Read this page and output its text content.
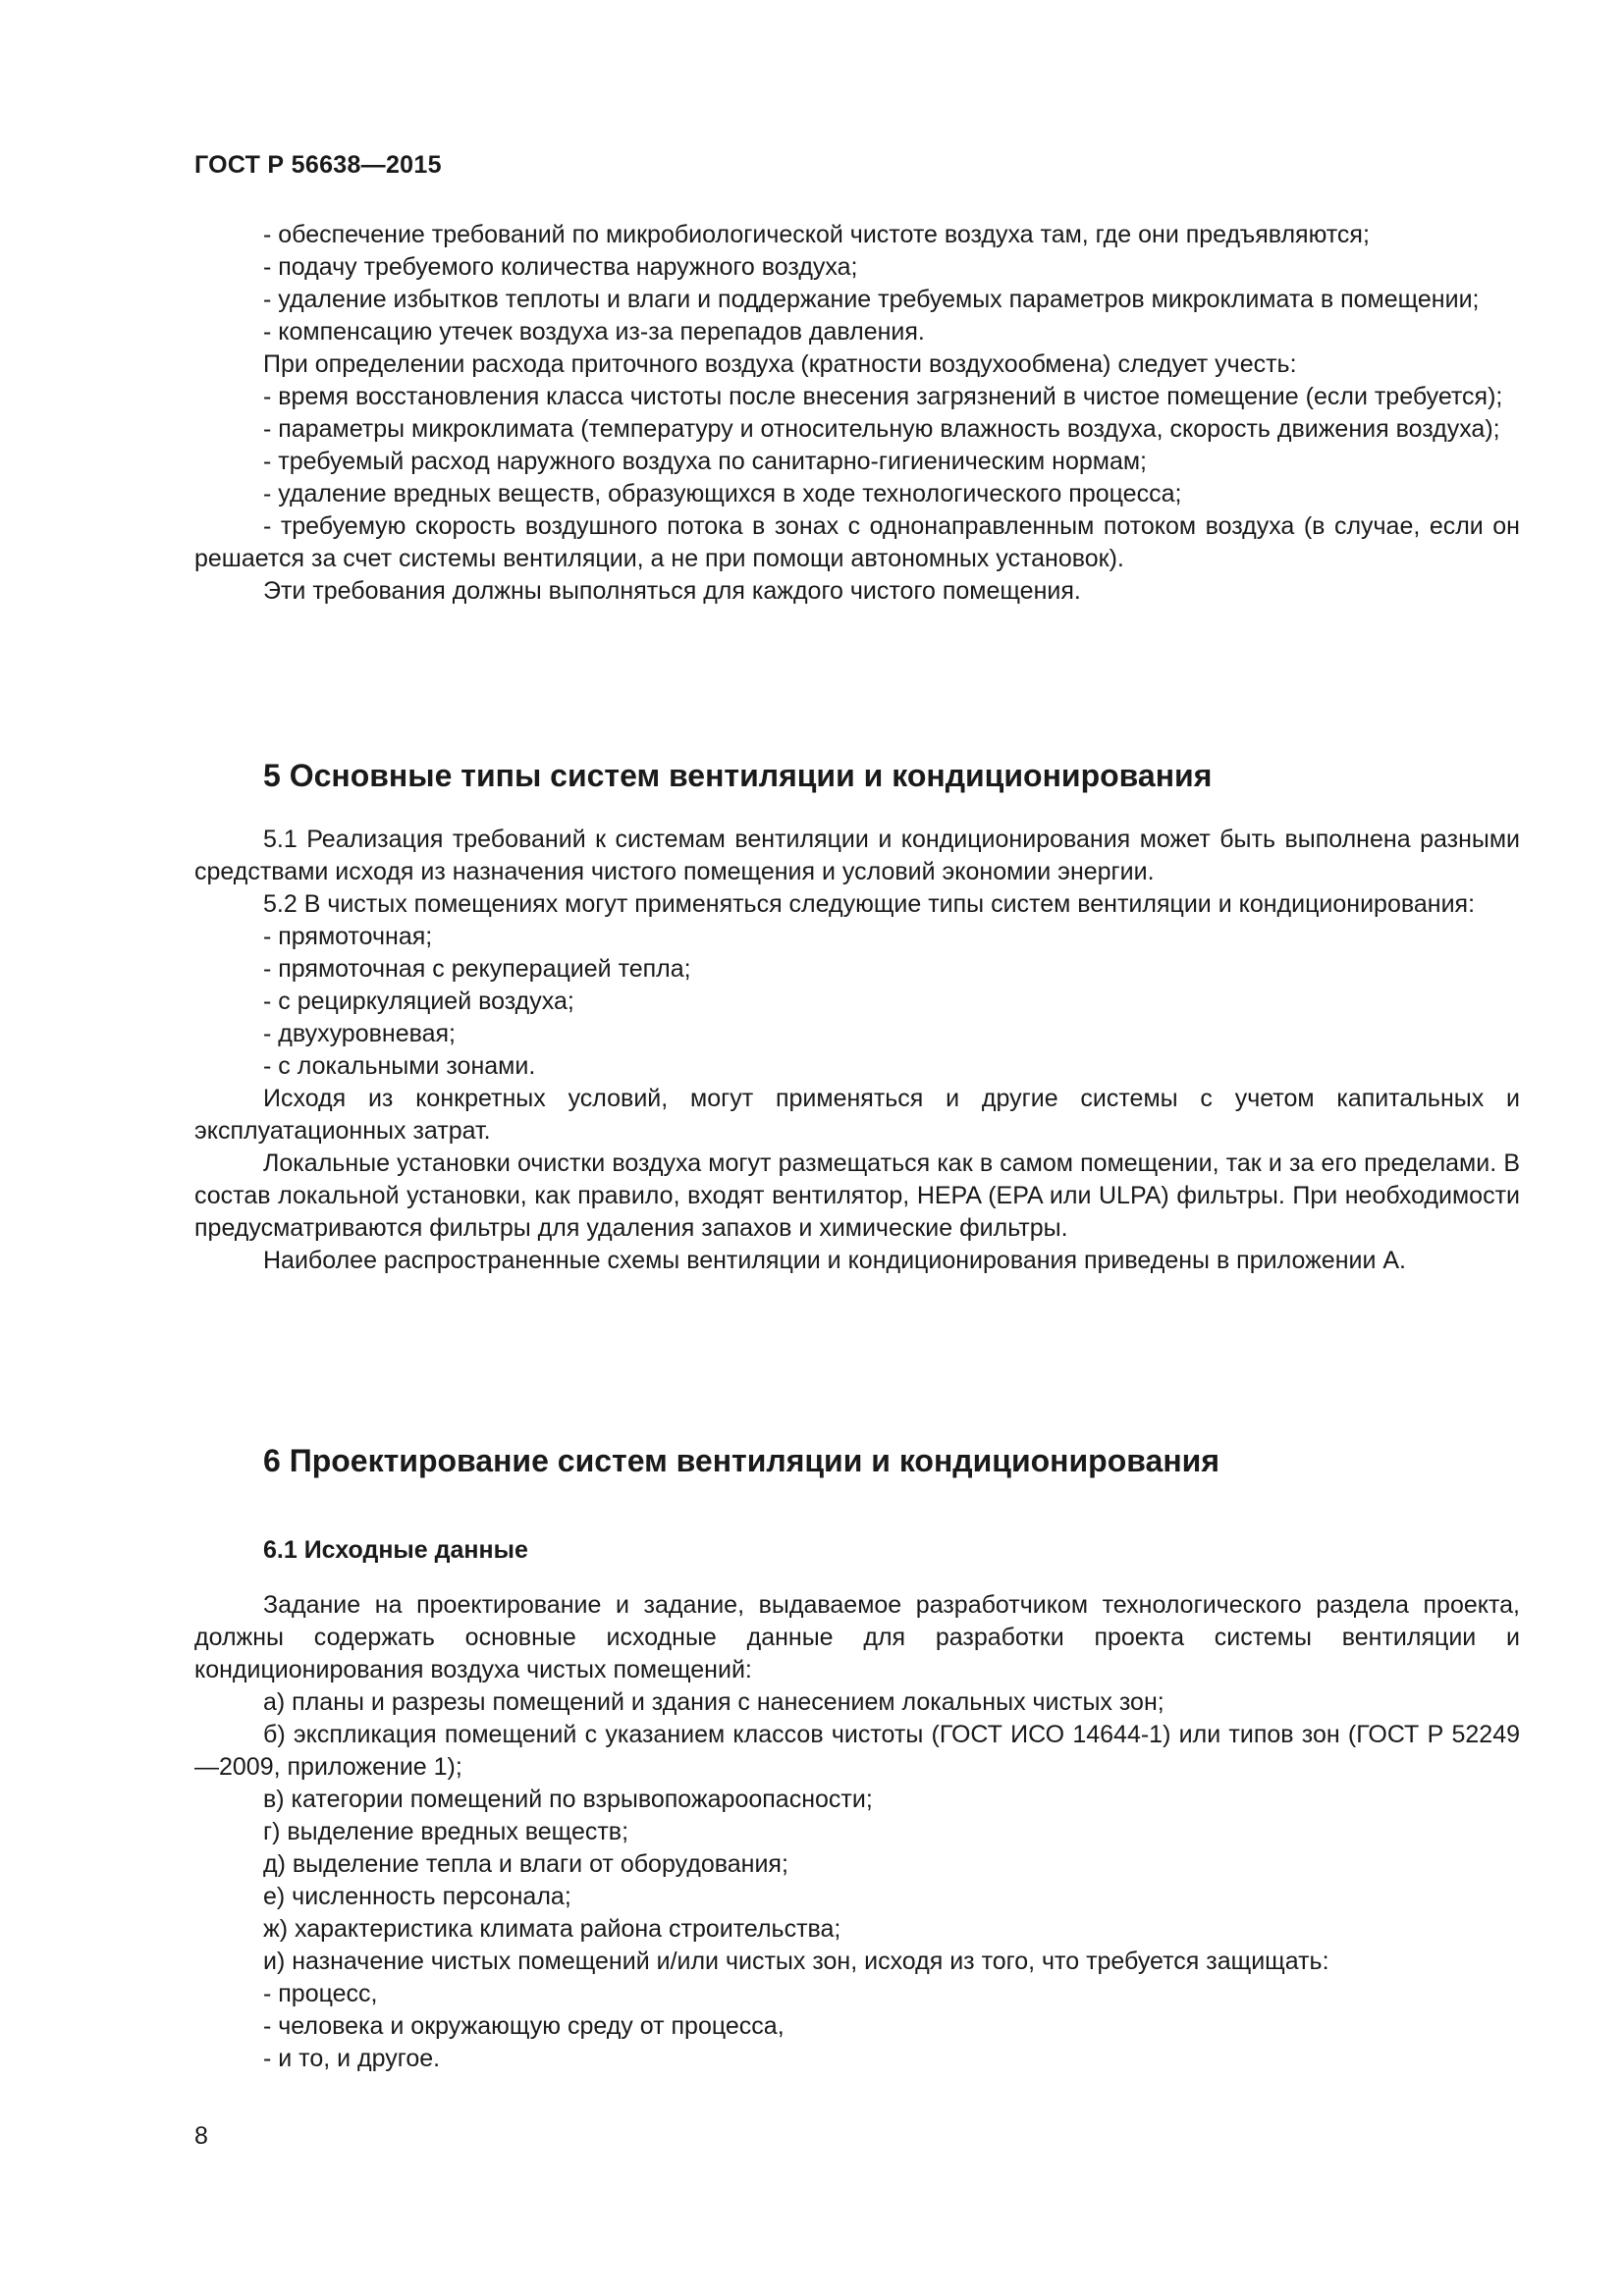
ГОСТ Р 56638—2015

- обеспечение требований по микробиологической чистоте воздуха там, где они предъявляются;

- подачу требуемого количества наружного воздуха;

- удаление избытков теплоты и влаги и поддержание требуемых параметров микроклимата в помещении;

- компенсацию утечек воздуха из-за перепадов давления.

При определении расхода приточного воздуха (кратности воздухообмена) следует учесть:

- время восстановления класса чистоты после внесения загрязнений в чистое помещение (если требуется);

- параметры микроклимата (температуру и относительную влажность воздуха, скорость движения воздуха);

- требуемый расход наружного воздуха по санитарно-гигиеническим нормам;

- удаление вредных веществ, образующихся в ходе технологического процесса;

- требуемую скорость воздушного потока в зонах с однонаправленным потоком воздуха (в случае, если он решается за счет системы вентиляции, а не при помощи автономных установок).

Эти требования должны выполняться для каждого чистого помещения.

5 Основные типы систем вентиляции и кондиционирования

5.1 Реализация требований к системам вентиляции и кондиционирования может быть выполнена разными средствами исходя из назначения чистого помещения и условий экономии энергии.

5.2 В чистых помещениях могут применяться следующие типы систем вентиляции и кондиционирования:

- прямоточная;

- прямоточная с рекуперацией тепла;

- с рециркуляцией воздуха;

- двухуровневая;

- с локальными зонами.

Исходя из конкретных условий, могут применяться и другие системы с учетом капитальных и эксплуатационных затрат.

Локальные установки очистки воздуха могут размещаться как в самом помещении, так и за его пределами. В состав локальной установки, как правило, входят вентилятор, HEPA (EPA или ULPA) фильтры. При необходимости предусматриваются фильтры для удаления запахов и химические фильтры.

Наиболее распространенные схемы вентиляции и кондиционирования приведены в приложении А.

6 Проектирование систем вентиляции и кондиционирования
6.1 Исходные данные

Задание на проектирование и задание, выдаваемое разработчиком технологического раздела проекта, должны содержать основные исходные данные для разработки проекта системы вентиляции и кондиционирования воздуха чистых помещений:

а) планы и разрезы помещений и здания с нанесением локальных чистых зон;

б) экспликация помещений с указанием классов чистоты (ГОСТ ИСО 14644-1) или типов зон (ГОСТ Р 52249—2009, приложение 1);

в) категории помещений по взрывопожароопасности;

г) выделение вредных веществ;

д) выделение тепла и влаги от оборудования;

е) численность персонала;

ж) характеристика климата района строительства;

и) назначение чистых помещений и/или чистых зон, исходя из того, что требуется защищать:

- процесс,

- человека и окружающую среду от процесса,

- и то, и другое.

8
